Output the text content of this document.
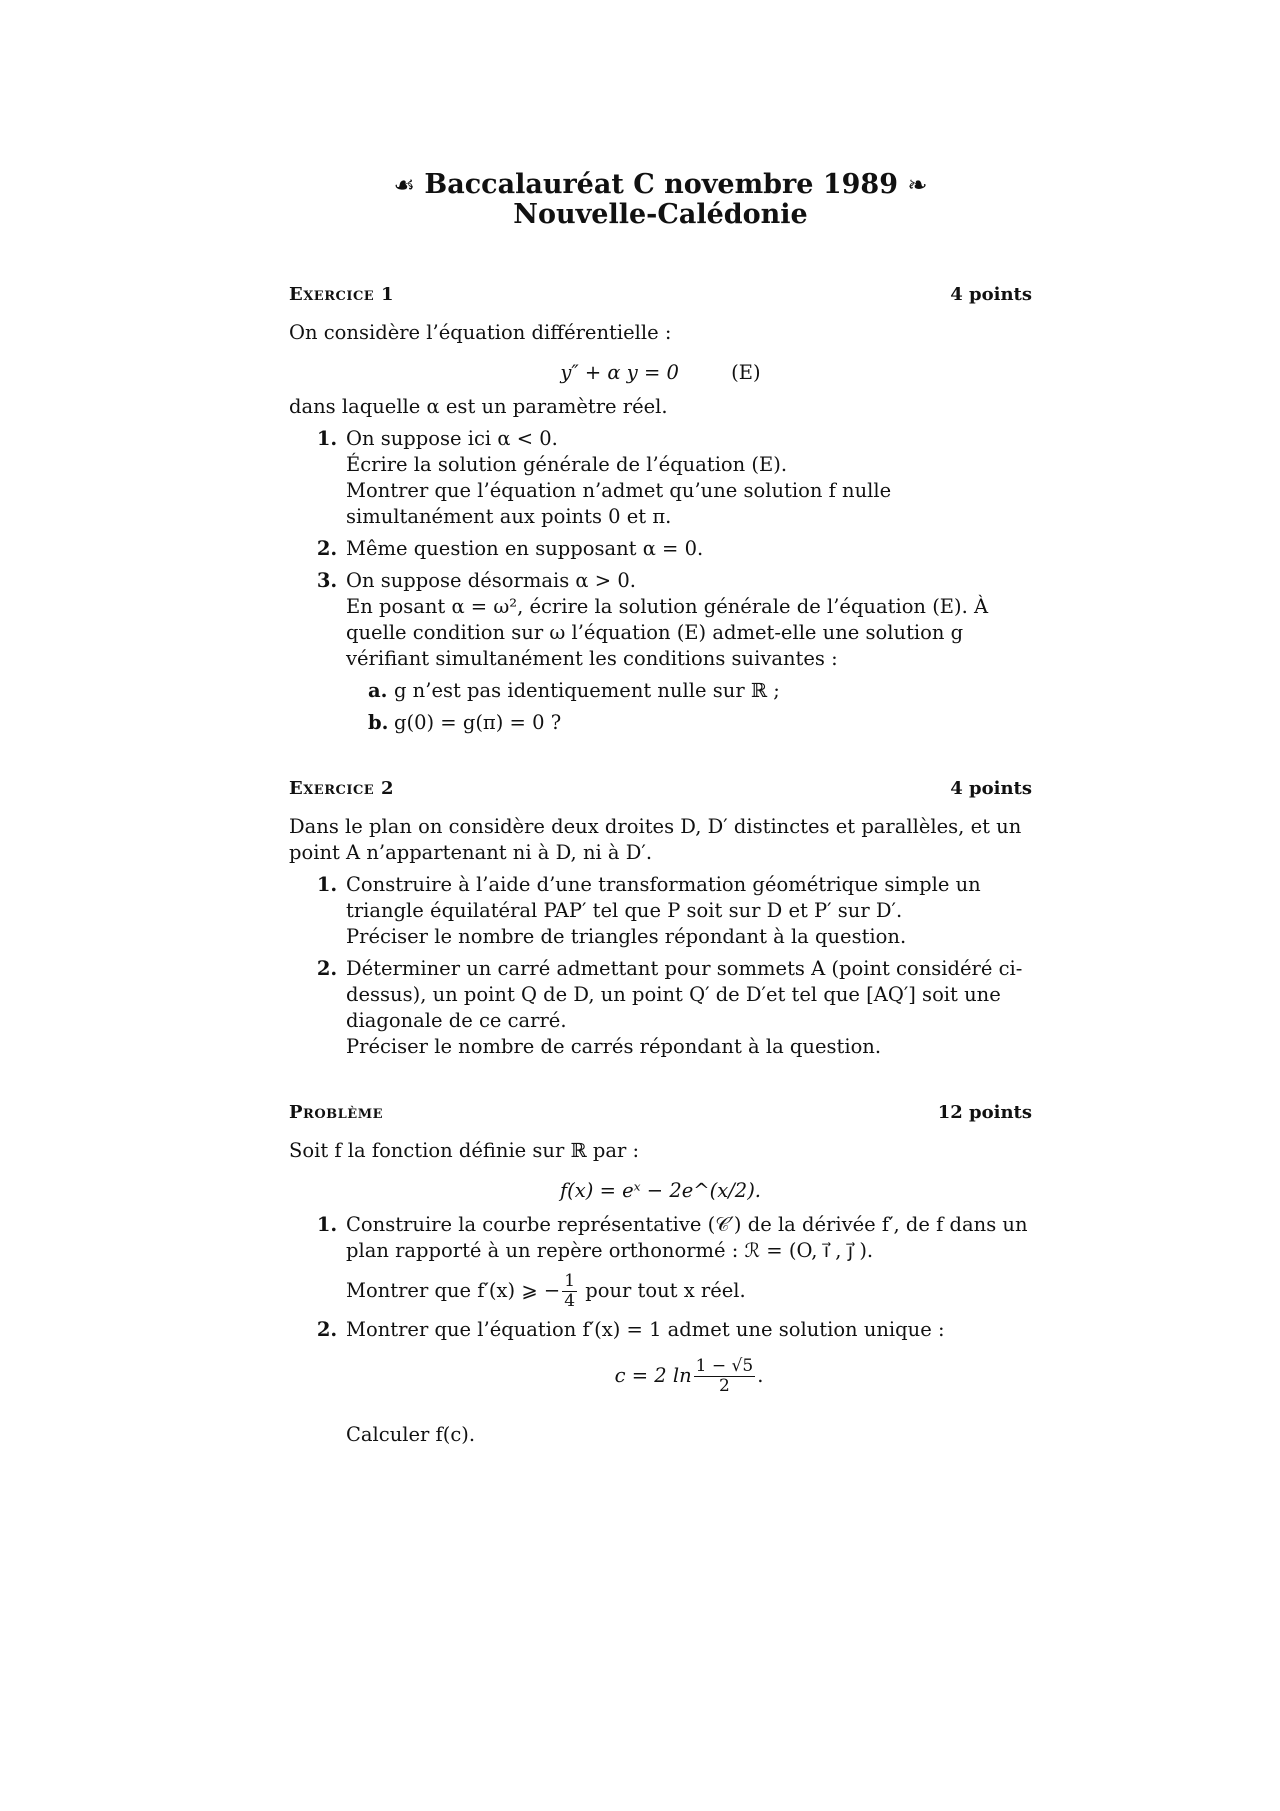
☙ Baccalauréat C novembre 1989 ❧
Nouvelle-Calédonie
Exercice 1	4 points

On considère l’équation différentielle :

y″ + α y = 0	(E)

dans laquelle α est un paramètre réel.

1. On suppose ici α < 0.
Écrire la solution générale de l’équation (E).
Montrer que l’équation n’admet qu’une solution f nulle simultanément aux points 0 et π.
2. Même question en supposant α = 0.
3. On suppose désormais α > 0.
En posant α = ω², écrire la solution générale de l’équation (E). À quelle condition sur ω l’équation (E) admet-elle une solution g vérifiant simultanément les conditions suivantes :
a. g n’est pas identiquement nulle sur ℝ ;
b. g(0) = g(π) = 0 ?
Exercice 2	4 points

Dans le plan on considère deux droites D, D′ distinctes et parallèles, et un point A n’appartenant ni à D, ni à D′.

1. Construire à l’aide d’une transformation géométrique simple un triangle équilatéral PAP′ tel que P soit sur D et P′ sur D′.
Préciser le nombre de triangles répondant à la question.
2. Déterminer un carré admettant pour sommets A (point considéré ci-dessus), un point Q de D, un point Q′ de D′et tel que [AQ′] soit une diagonale de ce carré.
Préciser le nombre de carrés répondant à la question.
Problème	12 points

Soit f la fonction définie sur ℝ par :

f(x) = eˣ − 2e^(x/2).
1. Construire la courbe représentative (𝒞′) de la dérivée f′, de f dans un plan rapporté à un repère orthonormé : ℛ = (O, ı⃗ , ȷ⃗ ).
Montrer que f′(x) ⩾ − $\frac{1}{4}$ pour tout x réel.
2. Montrer que l’équation f′(x) = 1 admet une solution unique :
c = 2 $\ln \frac{1 - √5}{2}$ .
Calculer f(c).
